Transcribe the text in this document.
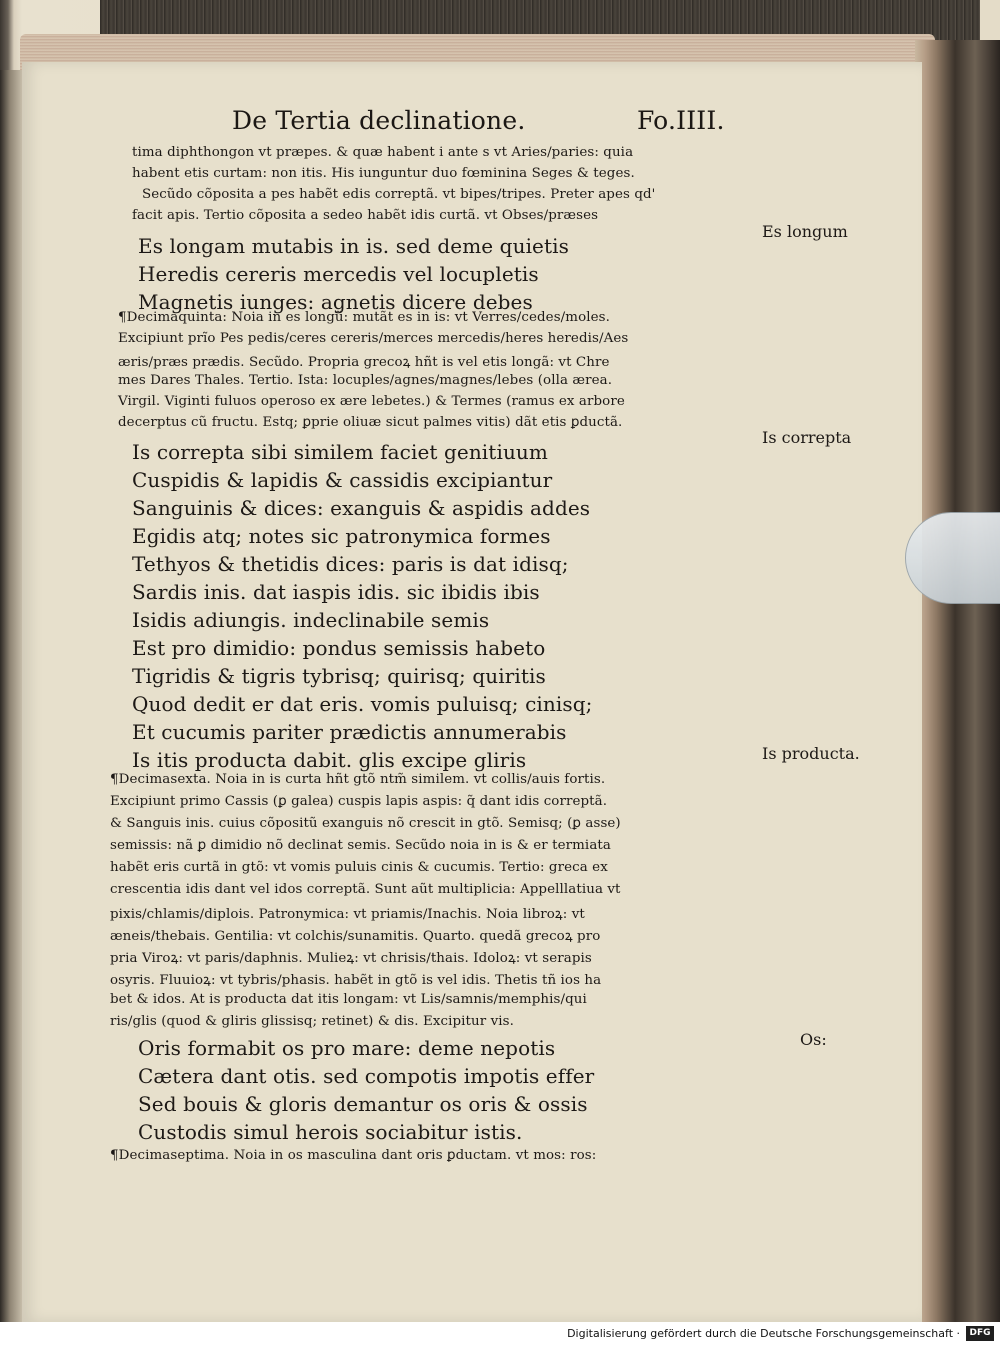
De Tertia declinatione.	Fo.IIII.
tima diphthongon vt præpes. & quæ habent i ante s vt Aries/paries: quia
habent etis curtam: non itis. His iunguntur duo fœminina Seges & teges.
Secũdo cõposita a pes habẽt edis correptã. vt bipes/tripes. Preter apes qd'
facit apis. Tertio cõposita a sedeo habẽt idis curtã. vt Obses/præses
Es longam mutabis in is. sed deme quietis
Heredis cereris mercedis vel locupletis
Magnetis iunges: agnetis dicere debes
¶Decimaquinta: Noia in es longũ: mutãt es in is: vt Verres/cedes/moles.
Excipiunt prĩo Pes pedis/ceres cereris/merces mercedis/heres heredis/Aes
æris/præs prædis. Secũdo. Propria grecoꝝ hñt is vel etis longã: vt Chre
mes Dares Thales. Tertio. Ista: locuples/agnes/magnes/lebes (olla ærea.
Virgil. Viginti fuluos operoso ex ære lebetes.) & Termes (ramus ex arbore
decerptus cũ fructu. Estq; ꝑprie oliuæ sicut palmes vitis) dãt etis ꝑductã.
Is correpta sibi similem faciet genitiuum
Cuspidis & lapidis & cassidis excipiantur
Sanguinis & dices: exanguis & aspidis addes
Egidis atq; notes sic patronymica formes
Tethyos & thetidis dices: paris is dat idisq;
Sardis inis. dat iaspis idis. sic ibidis ibis
Isidis adiungis. indeclinabile semis
Est pro dimidio: pondus semissis habeto
Tigridis & tigris tybrisq; quirisq; quiritis
Quod dedit er dat eris. vomis puluisq; cinisq;
Et cucumis pariter prædictis annumerabis
Is itis producta dabit. glis excipe gliris
¶Decimasexta. Noia in is curta hñt gtõ ntm̃ similem. vt collis/auis fortis.
Excipiunt primo Cassis (ꝑ galea) cuspis lapis aspis: q̃ dant idis correptã.
& Sanguis inis. cuius cõpositũ exanguis nõ crescit in gtõ. Semisq; (ꝑ asse)
semissis: nã ꝑ dimidio nõ declinat semis. Secũdo noia in is & er termiata
habẽt eris curtã in gtõ: vt vomis puluis cinis & cucumis. Tertio: greca ex
crescentia idis dant vel idos correptã. Sunt aũt multiplicia: Appelllatiua vt
pixis/chlamis/diplois. Patronymica: vt priamis/Inachis. Noia libroꝝ: vt
æneis/thebais. Gentilia: vt colchis/sunamitis. Quarto. quedã grecoꝝ pro
pria Viroꝝ: vt paris/daphnis. Mulieꝝ: vt chrisis/thais. Idoloꝝ: vt serapis
osyris. Fluuioꝝ: vt tybris/phasis. habẽt in gtõ is vel idis. Thetis tñ ios ha
bet & idos. At is producta dat itis longam: vt Lis/samnis/memphis/qui
ris/glis (quod & gliris glissisq; retinet) & dis. Excipitur vis.
Oris formabit os pro mare: deme nepotis
Cætera dant otis. sed compotis impotis effer
Sed bouis & gloris demantur os oris & ossis
Custodis simul herois sociabitur istis.
¶Decimaseptima. Noia in os masculina dant oris ꝑductam. vt mos: ros:
Es longum
Is correpta
Is producta.
Os:
Digitalisierung gefördert durch die Deutsche Forschungsgemeinschaft ·	DFG
